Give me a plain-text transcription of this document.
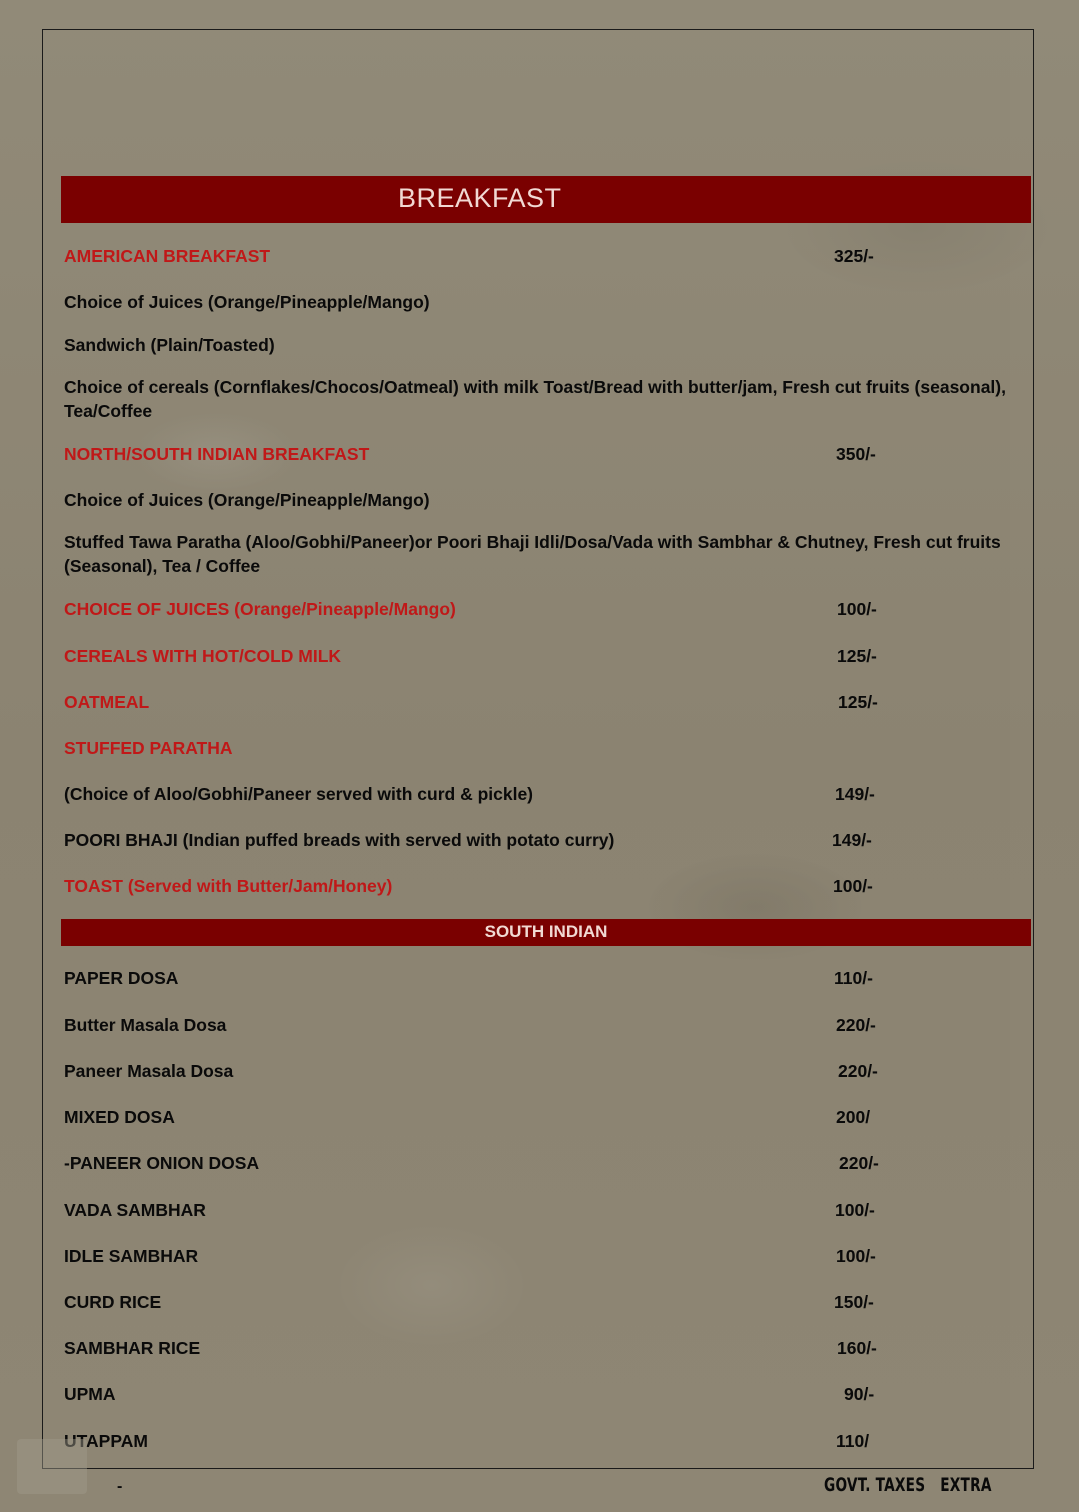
BREAKFAST
AMERICAN BREAKFAST	325/-
Choice of Juices (Orange/Pineapple/Mango)
Sandwich (Plain/Toasted)
Choice of cereals (Cornflakes/Chocos/Oatmeal) with milk Toast/Bread with butter/jam, Fresh cut fruits (seasonal), Tea/Coffee
NORTH/SOUTH INDIAN BREAKFAST	350/-
Choice of Juices (Orange/Pineapple/Mango)
Stuffed Tawa Paratha (Aloo/Gobhi/Paneer)or Poori Bhaji Idli/Dosa/Vada with Sambhar & Chutney, Fresh cut fruits (Seasonal), Tea / Coffee
CHOICE OF JUICES (Orange/Pineapple/Mango)	100/-
CEREALS WITH HOT/COLD MILK	125/-
OATMEAL	125/-
STUFFED PARATHA
(Choice of Aloo/Gobhi/Paneer served with curd & pickle)	149/-
POORI BHAJI (Indian puffed breads with served with potato curry)	149/-
TOAST (Served with Butter/Jam/Honey)	100/-
SOUTH INDIAN
PAPER DOSA	110/-
Butter Masala Dosa	220/-
Paneer Masala Dosa	220/-
MIXED DOSA	200/
-PANEER ONION DOSA	220/-
VADA SAMBHAR	100/-
IDLE SAMBHAR	100/-
CURD RICE	150/-
SAMBHAR RICE	160/-
UPMA	90/-
UTAPPAM	110/
-	GOVT. TAXES   EXTRA
